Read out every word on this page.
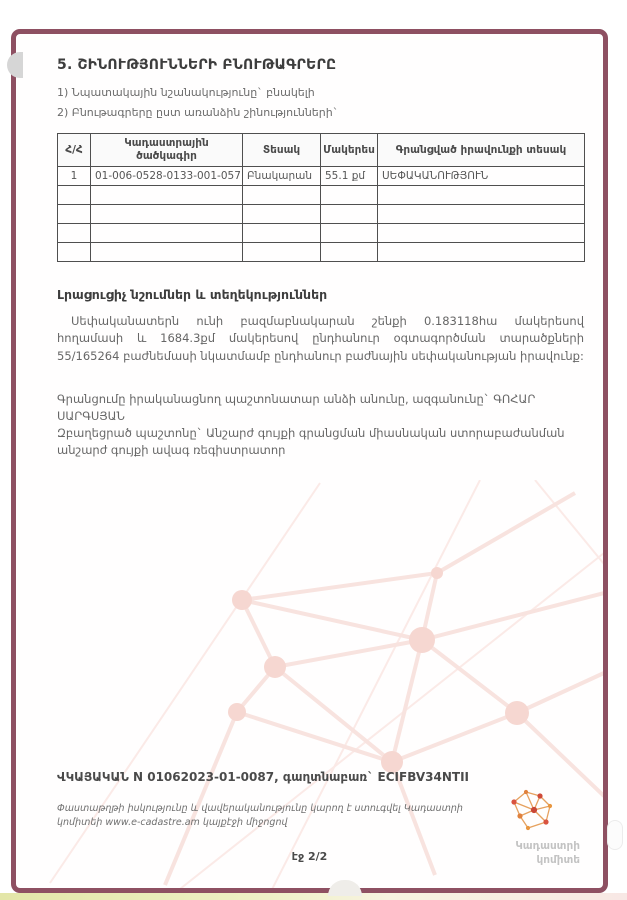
5. ՇԻՆՈՒԹՅՈՒՆՆԵՐԻ ԲՆՈՒԹԱԳՐԵՐԸ
1) Նպատակային նշանակությունը` բնակելի
2) Բնութագրերը ըստ առանձին շինությունների`
Հ/Հ	Կադաստրային ծածկագիր	Տեսակ	Մակերես	Գրանցված իրավունքի տեսակ
1	01-006-0528-0133-001-057	Բնակարան	55.1 քմ	ՍԵՓԱԿԱՆՈՒԹՅՈՒՆ

Լրացուցիչ նշումներ և տեղեկություններ
Սեփականատերն ունի բազմաբնակարան շենքի 0.183118հա մակերեսով հողամասի և 1684.3քմ մակերեսով ընդհանուր օգտագործման տարածքների 55/165264 բաժնեմասի նկատմամբ ընդհանուր բաժնային սեփականության իրավունք:
Գրանցումը իրականացնող պաշտոնատար անձի անունը, ազգանունը` ԳՈՀԱՐ ՍԱՐԳՍՅԱՆ
Զբաղեցրած պաշտոնը` Անշարժ գույքի գրանցման միասնական ստորաբաժանման անշարժ գույքի ավագ ռեգիստրատոր
ՎԿԱՅԱԿԱՆ N 01062023-01-0087, գաղտնաբառ` ECIFBV34NTII
Փաստաթղթի իսկությունը և վավերականությունը կարող է ստուգվել Կադաստրի կոմիտեի www.e-cadastre.am կայքէջի միջոցով
էջ 2/2
Կադաստրի
կոմիտե
